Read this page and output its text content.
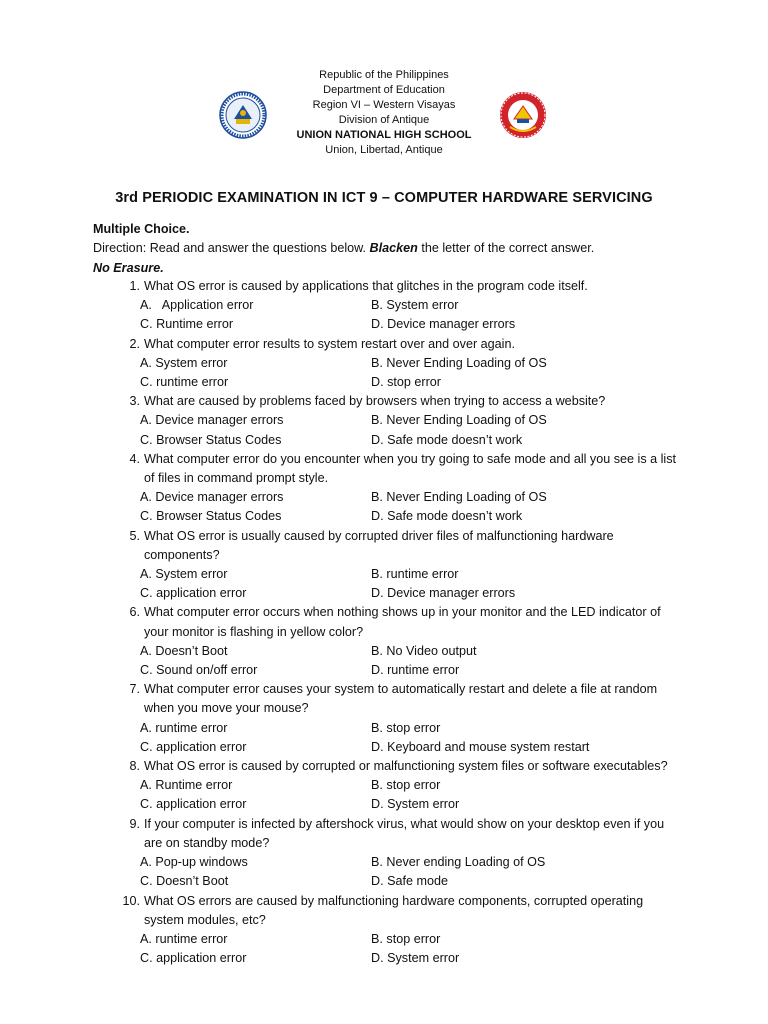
Republic of the Philippines
Department of Education
Region VI – Western Visayas
Division of Antique
UNION NATIONAL HIGH SCHOOL
Union, Libertad, Antique
3rd PERIODIC EXAMINATION IN ICT 9 – COMPUTER HARDWARE SERVICING
Multiple Choice.
Direction: Read and answer the questions below. Blacken the letter of the correct answer.
No Erasure.
1. What OS error is caused by applications that glitches in the program code itself.
A.   Application error	B. System error
C. Runtime error	D. Device manager errors
2. What computer error results to system restart over and over again.
A. System error	B. Never Ending Loading of OS
C. runtime error	D. stop error
3. What are caused by problems faced by browsers when trying to access a website?
A. Device manager errors	B. Never Ending Loading of OS
C. Browser Status Codes	D. Safe mode doesn’t work
4. What computer error do you encounter when you try going to safe mode and all you see is a list of files in command prompt style.
A. Device manager errors	B. Never Ending Loading of OS
C. Browser Status Codes	D. Safe mode doesn’t work
5. What OS error is usually caused by corrupted driver files of malfunctioning hardware components?
A. System error	B. runtime error
C. application error	D. Device manager errors
6. What computer error occurs when nothing shows up in your monitor and the LED indicator of your monitor is flashing in yellow color?
A. Doesn’t Boot	B. No Video output
C. Sound on/off error	D. runtime error
7. What computer error causes your system to automatically restart and delete a file at random when you move your mouse?
A. runtime error	B. stop error
C. application error	D. Keyboard and mouse system restart
8. What OS error is caused by corrupted or malfunctioning system files or software executables?
A. Runtime error	B. stop error
C. application error	D. System error
9. If your computer is infected by aftershock virus, what would show on your desktop even if you are on standby mode?
A. Pop-up windows	B. Never ending Loading of OS
C. Doesn’t Boot	D. Safe mode
10. What OS errors are caused by malfunctioning hardware components, corrupted operating system modules, etc?
A. runtime error	B. stop error
C. application error	D. System error
